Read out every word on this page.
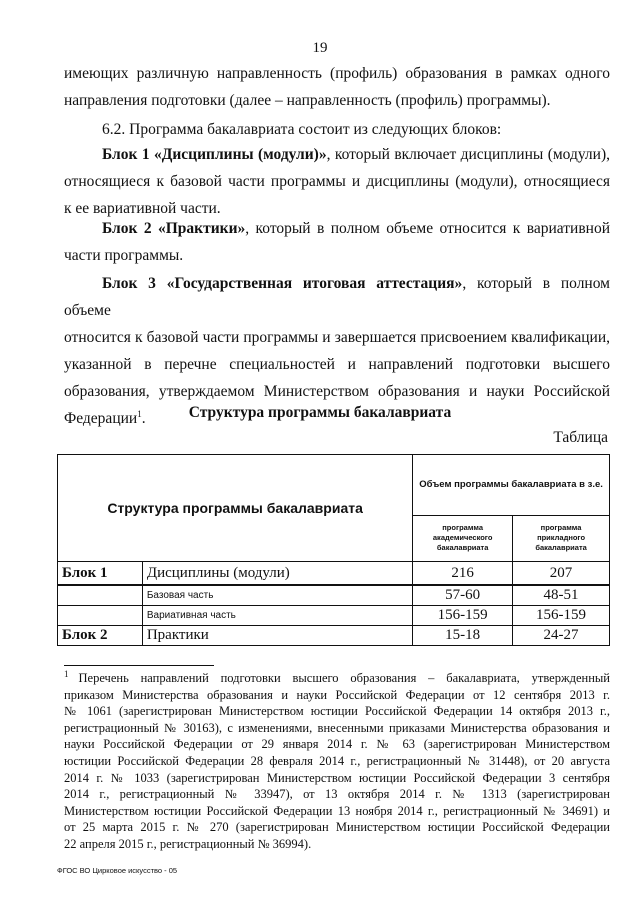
19

имеющих различную направленность (профиль) образования в рамках одного
направления подготовки (далее – направленность (профиль) программы).

6.2. Программа бакалавриата состоит из следующих блоков:

Блок 1 «Дисциплины (модули)», который включает дисциплины (модули),
относящиеся к базовой части программы и дисциплины (модули), относящиеся
к ее вариативной части.

Блок 2 «Практики», который в полном объеме относится к вариативной
части программы.

Блок 3 «Государственная итоговая аттестация», который в полном объеме
относится к базовой части программы и завершается присвоением квалификации,
указанной в перечне специальностей и направлений подготовки высшего
образования, утверждаемом Министерством образования и науки Российской
Федерации$^1$.	Структура программы бакалавриата
Таблица
Структура программы бакалавриата		Объем программы бакалавриата в з.е.	
		программа академического бакалавриата	программа прикладного бакалавриата
Блок 1	Дисциплины (модули)	216	207
	Базовая часть	57-60	48-51
	Вариативная часть	156-159	156-159
Блок 2	Практики	15-18	24-27

$^1$ Перечень направлений подготовки высшего образования – бакалавриата, утвержденный
приказом Министерства образования и науки Российской Федерации от 12 сентября 2013 г.
№ 1061 (зарегистрирован Министерством юстиции Российской Федерации 14 октября 2013 г.,
регистрационный № 30163), с изменениями, внесенными приказами Министерства образования и
науки Российской Федерации от 29 января 2014 г. № 63 (зарегистрирован Министерством
юстиции Российской Федерации 28 февраля 2014 г., регистрационный № 31448), от 20 августа
2014 г. № 1033 (зарегистрирован Министерством юстиции Российской Федерации 3 сентября
2014 г., регистрационный № 33947), от 13 октября 2014 г. № 1313 (зарегистрирован
Министерством юстиции Российской Федерации 13 ноября 2014 г., регистрационный № 34691) и
от 25 марта 2015 г. № 270 (зарегистрирован Министерством юстиции Российской Федерации
22 апреля 2015 г., регистрационный № 36994).

ФГОС ВО Цирковое искусство - 05
